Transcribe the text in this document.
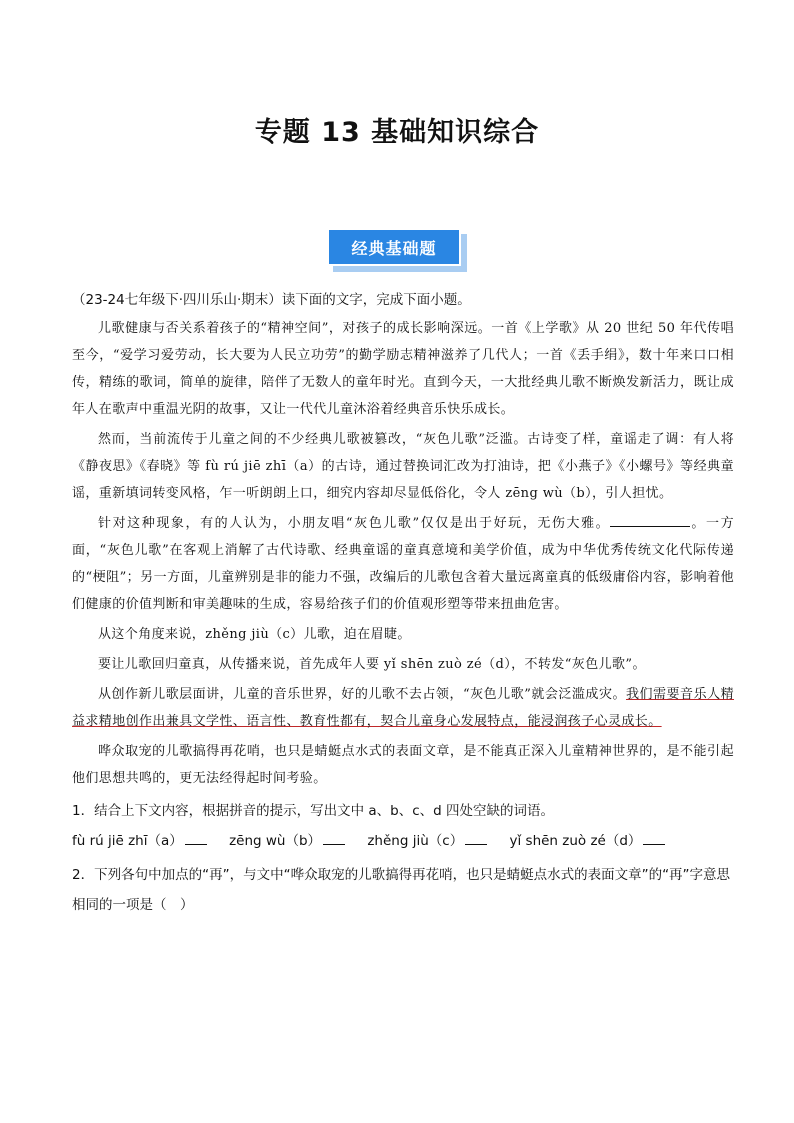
专题 13 基础知识综合
经典基础题
（23-24七年级下·四川乐山·期末）读下面的文字，完成下面小题。

儿歌健康与否关系着孩子的“精神空间”，对孩子的成长影响深远。一首《上学歌》从 20 世纪 50 年代传唱至今，“爱学习爱劳动，长大要为人民立功劳”的勤学励志精神滋养了几代人；一首《丢手绢》，数十年来口口相传，精练的歌词，简单的旋律，陪伴了无数人的童年时光。直到今天，一大批经典儿歌不断焕发新活力，既让成年人在歌声中重温光阴的故事，又让一代代儿童沐浴着经典音乐快乐成长。

然而，当前流传于儿童之间的不少经典儿歌被篡改，“灰色儿歌”泛滥。古诗变了样，童谣走了调：有人将《静夜思》《春晓》等 fù rú jiē zhī（a）的古诗，通过替换词汇改为打油诗，把《小燕子》《小螺号》等经典童谣，重新填词转变风格，乍一听朗朗上口，细究内容却尽显低俗化，令人 zēng wù（b），引人担忧。

针对这种现象，有的人认为，小朋友唱“灰色儿歌”仅仅是出于好玩，无伤大雅。	。一方面，“灰色儿歌”在客观上消解了古代诗歌、经典童谣的童真意境和美学价值，成为中华优秀传统文化代际传递的“梗阻”；另一方面，儿童辨别是非的能力不强，改编后的儿歌包含着大量远离童真的低级庸俗内容，影响着他们健康的价值判断和审美趣味的生成，容易给孩子们的价值观形塑等带来扭曲危害。

从这个角度来说，zhěng jiù（c）儿歌，迫在眉睫。

要让儿歌回归童真，从传播来说，首先成年人要 yǐ shēn zuò zé（d），不转发“灰色儿歌”。

从创作新儿歌层面讲，儿童的音乐世界，好的儿歌不去占领，“灰色儿歌”就会泛滥成灾。我们需要音乐人精益求精地创作出兼具文学性、语言性、教育性都有，契合儿童身心发展特点，能浸润孩子心灵成长。

哗众取宠的儿歌搞得再花哨，也只是蜻蜓点水式的表面文章，是不能真正深入儿童精神世界的，是不能引起他们思想共鸣的，更无法经得起时间考验。

1．结合上下文内容，根据拼音的提示，写出文中 a、b、c、d 四处空缺的词语。

fù rú jiē zhī（a）	zēng wù（b）	zhěng jiù（c）	yǐ shēn zuò zé（d）

2．下列各句中加点的“再”，与文中“哗众取宠的儿歌搞得再花哨，也只是蜻蜓点水式的表面文章”的“再”字意思相同的一项是（　）
